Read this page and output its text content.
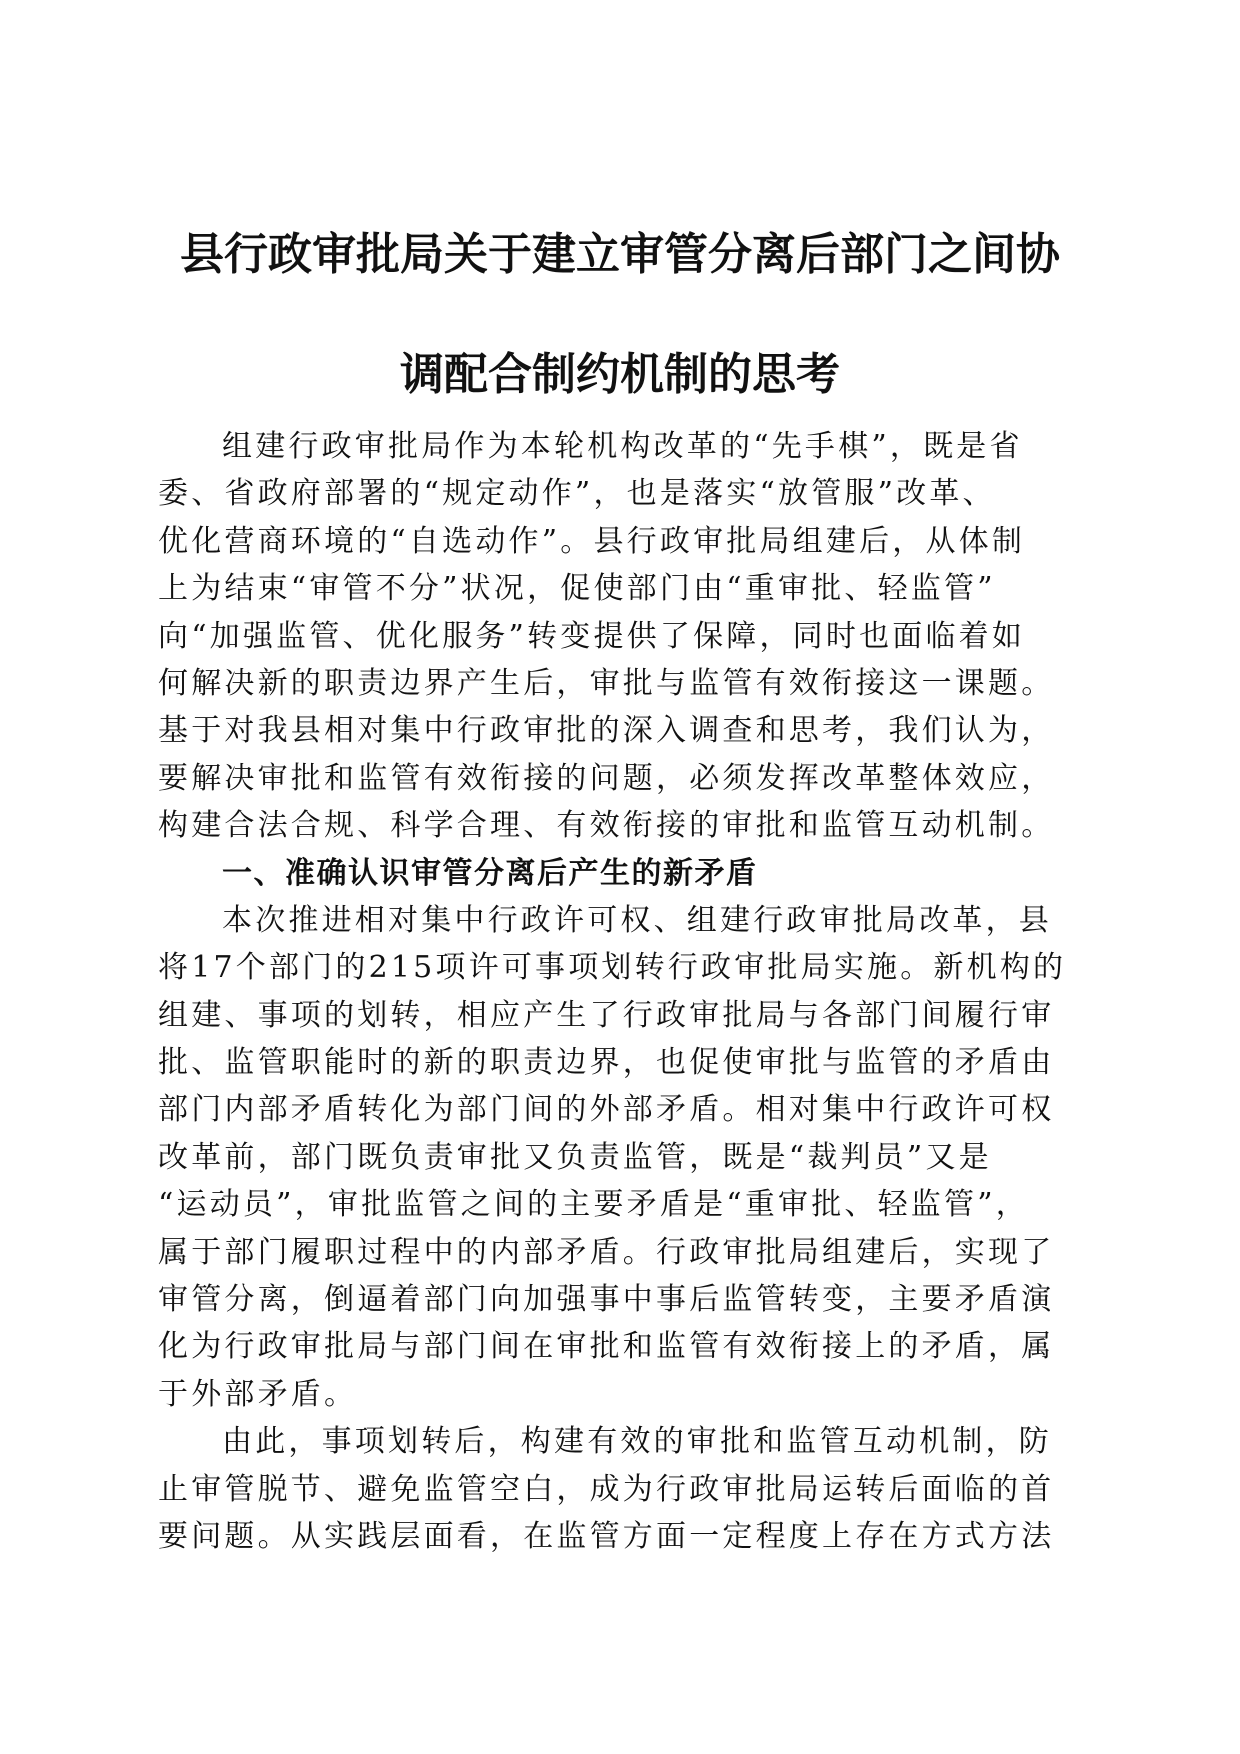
县行政审批局关于建立审管分离后部门之间协
调配合制约机制的思考
组建行政审批局作为本轮机构改革的“先手棋”，既是省
委、省政府部署的“规定动作”，也是落实“放管服”改革、
优化营商环境的“自选动作”。县行政审批局组建后，从体制
上为结束“审管不分”状况，促使部门由“重审批、轻监管”
向“加强监管、优化服务”转变提供了保障，同时也面临着如
何解决新的职责边界产生后，审批与监管有效衔接这一课题。
基于对我县相对集中行政审批的深入调查和思考，我们认为，
要解决审批和监管有效衔接的问题，必须发挥改革整体效应，
构建合法合规、科学合理、有效衔接的审批和监管互动机制。
一、准确认识审管分离后产生的新矛盾
本次推进相对集中行政许可权、组建行政审批局改革，县
将17个部门的215项许可事项划转行政审批局实施。新机构的
组建、事项的划转，相应产生了行政审批局与各部门间履行审
批、监管职能时的新的职责边界，也促使审批与监管的矛盾由
部门内部矛盾转化为部门间的外部矛盾。相对集中行政许可权
改革前，部门既负责审批又负责监管，既是“裁判员”又是
“运动员”，审批监管之间的主要矛盾是“重审批、轻监管”，
属于部门履职过程中的内部矛盾。行政审批局组建后，实现了
审管分离，倒逼着部门向加强事中事后监管转变，主要矛盾演
化为行政审批局与部门间在审批和监管有效衔接上的矛盾，属
于外部矛盾。
由此，事项划转后，构建有效的审批和监管互动机制，防
止审管脱节、避免监管空白，成为行政审批局运转后面临的首
要问题。从实践层面看，在监管方面一定程度上存在方式方法
